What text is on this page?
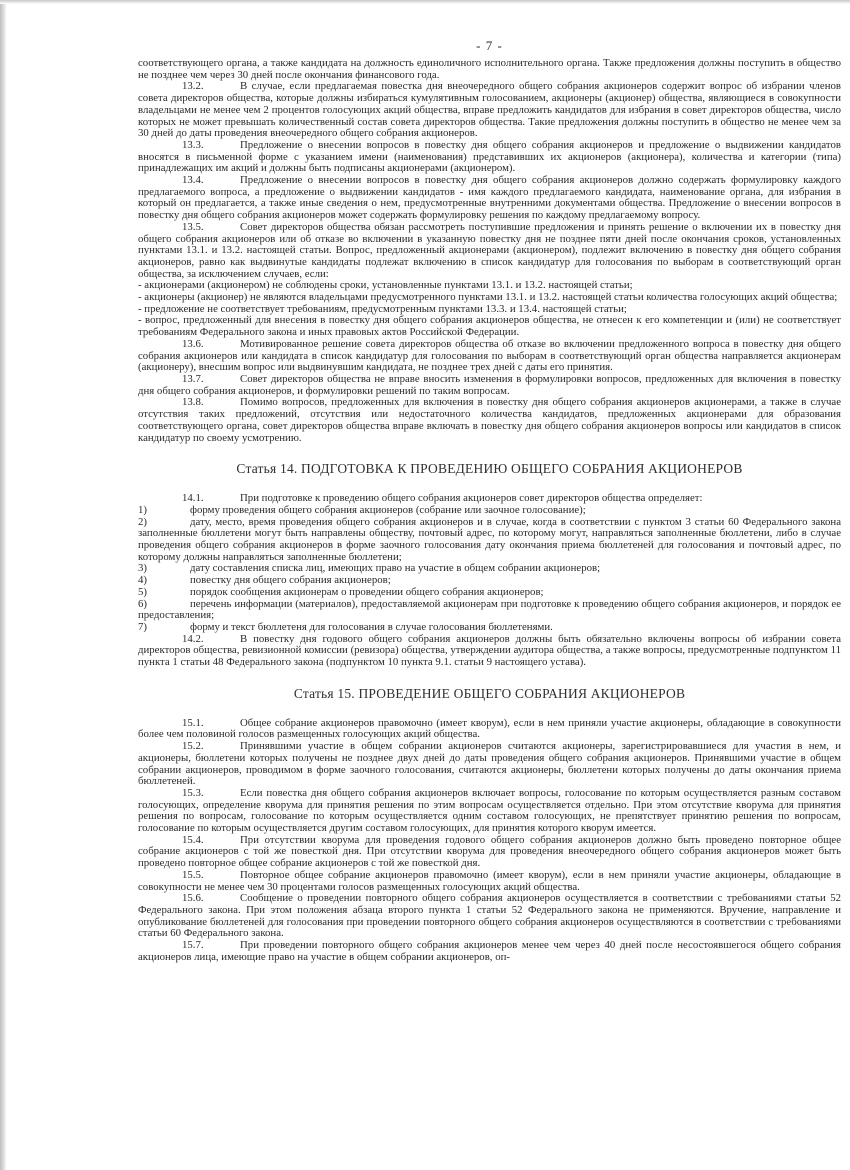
- 7 -

соответствующего органа, а также кандидата на должность единоличного исполнительного органа. Также предложения должны поступить в общество не позднее чем через 30 дней после окончания финансового года.

13.2.	В случае, если предлагаемая повестка дня внеочередного общего собрания акционеров содержит вопрос об избрании членов совета директоров общества, которые должны избираться кумулятивным голосованием, акционеры (акционер) общества, являющиеся в совокупности владельцами не менее чем 2 процентов голосующих акций общества, вправе предложить кандидатов для избрания в совет директоров общества, число которых не может превышать количественный состав совета директоров общества. Такие предложения должны поступить в общество не менее чем за 30 дней до даты проведения внеочередного общего собрания акционеров.

13.3.	Предложение о внесении вопросов в повестку дня общего собрания акционеров и предложение о выдвижении кандидатов вносятся в письменной форме с указанием имени (наименования) представивших их акционеров (акционера), количества и категории (типа) принадлежащих им акций и должны быть подписаны акционерами (акционером).

13.4.	Предложение о внесении вопросов в повестку дня общего собрания акционеров должно содержать формулировку каждого предлагаемого вопроса, а предложение о выдвижении кандидатов - имя каждого предлагаемого кандидата, наименование органа, для избрания в который он предлагается, а также иные сведения о нем, предусмотренные внутренними документами общества. Предложение о внесении вопросов в повестку дня общего собрания акционеров может содержать формулировку решения по каждому предлагаемому вопросу.

13.5.	Совет директоров общества обязан рассмотреть поступившие предложения и принять решение о включении их в повестку дня общего собрания акционеров или об отказе во включении в указанную повестку дня не позднее пяти дней после окончания сроков, установленных пунктами 13.1. и 13.2. настоящей статьи. Вопрос, предложенный акционерами (акционером), подлежит включению в повестку дня общего собрания акционеров, равно как выдвинутые кандидаты подлежат включению в список кандидатур для голосования по выборам в соответствующий орган общества, за исключением случаев, если:

- акционерами (акционером) не соблюдены сроки, установленные пунктами 13.1. и 13.2. настоящей статьи;

- акционеры (акционер) не являются владельцами предусмотренного пунктами 13.1. и 13.2. настоящей статьи количества голосующих акций общества;

- предложение не соответствует требованиям, предусмотренным пунктами 13.3. и 13.4. настоящей статьи;

- вопрос, предложенный для внесения в повестку дня общего собрания акционеров общества, не отнесен к его компетенции и (или) не соответствует требованиям Федерального закона и иных правовых актов Российской Федерации.

13.6.	Мотивированное решение совета директоров общества об отказе во включении предложенного вопроса в повестку дня общего собрания акционеров или кандидата в список кандидатур для голосования по выборам в соответствующий орган общества направляется акционерам (акционеру), внесшим вопрос или выдвинувшим кандидата, не позднее трех дней с даты его принятия.

13.7.	Совет директоров общества не вправе вносить изменения в формулировки вопросов, предложенных для включения в повестку дня общего собрания акционеров, и формулировки решений по таким вопросам.

13.8.	Помимо вопросов, предложенных для включения в повестку дня общего собрания акционеров акционерами, а также в случае отсутствия таких предложений, отсутствия или недостаточного количества кандидатов, предложенных акционерами для образования соответствующего органа, совет директоров общества вправе включать в повестку дня общего собрания акционеров вопросы или кандидатов в список кандидатур по своему усмотрению.

Статья 14. ПОДГОТОВКА К ПРОВЕДЕНИЮ ОБЩЕГО СОБРАНИЯ АКЦИОНЕРОВ

14.1.	При подготовке к проведению общего собрания акционеров совет директоров общества определяет:

1)	форму проведения общего собрания акционеров (собрание или заочное голосование);

2)	дату, место, время проведения общего собрания акционеров и в случае, когда в соответствии с пунктом 3 статьи 60 Федерального закона заполненные бюллетени могут быть направлены обществу, почтовый адрес, по которому могут, направляться заполненные бюллетени, либо в случае проведения общего собрания акционеров в форме заочного голосования дату окончания приема бюллетеней для голосования и почтовый адрес, по которому должны направляться заполненные бюллетени;

3)	дату составления списка лиц, имеющих право на участие в общем собрании акционеров;

4)	повестку дня общего собрания акционеров;

5)	порядок сообщения акционерам о проведении общего собрания акционеров;

6)	перечень информации (материалов), предоставляемой акционерам при подготовке к проведению общего собрания акционеров, и порядок ее предоставления;

7)	форму и текст бюллетеня для голосования в случае голосования бюллетенями.

14.2.	В повестку дня годового общего собрания акционеров должны быть обязательно включены вопросы об избрании совета директоров общества, ревизионной комиссии (ревизора) общества, утверждении аудитора общества, а также вопросы, предусмотренные подпунктом 11 пункта 1 статьи 48 Федерального закона (подпунктом 10 пункта 9.1. статьи 9 настоящего устава).

Статья 15. ПРОВЕДЕНИЕ ОБЩЕГО СОБРАНИЯ АКЦИОНЕРОВ

15.1.	Общее собрание акционеров правомочно (имеет кворум), если в нем приняли участие акционеры, обладающие в совокупности более чем половиной голосов размещенных голосующих акций общества.

15.2.	Принявшими участие в общем собрании акционеров считаются акционеры, зарегистрировавшиеся для участия в нем, и акционеры, бюллетени которых получены не позднее двух дней до даты проведения общего собрания акционеров. Принявшими участие в общем собрании акционеров, проводимом в форме заочного голосования, считаются акционеры, бюллетени которых получены до даты окончания приема бюллетеней.

15.3.	Если повестка дня общего собрания акционеров включает вопросы, голосование по которым осуществляется разным составом голосующих, определение кворума для принятия решения по этим вопросам осуществляется отдельно. При этом отсутствие кворума для принятия решения по вопросам, голосование по которым осуществляется одним составом голосующих, не препятствует принятию решения по вопросам, голосование по которым осуществляется другим составом голосующих, для принятия которого кворум имеется.

15.4.	При отсутствии кворума для проведения годового общего собрания акционеров должно быть проведено повторное общее собрание акционеров с той же повесткой дня. При отсутствии кворума для проведения внеочередного общего собрания акционеров может быть проведено повторное общее собрание акционеров с той же повесткой дня.

15.5.	Повторное общее собрание акционеров правомочно (имеет кворум), если в нем приняли участие акционеры, обладающие в совокупности не менее чем 30 процентами голосов размещенных голосующих акций общества.

15.6.	Сообщение о проведении повторного общего собрания акционеров осуществляется в соответствии с требованиями статьи 52 Федерального закона. При этом положения абзаца второго пункта 1 статьи 52 Федерального закона не применяются. Вручение, направление и опубликование бюллетеней для голосования при проведении повторного общего собрания акционеров осуществляются в соответствии с требованиями статьи 60 Федерального закона.

15.7.	При проведении повторного общего собрания акционеров менее чем через 40 дней после несостоявшегося общего собрания акционеров лица, имеющие право на участие в общем собрании акционеров, оп-
